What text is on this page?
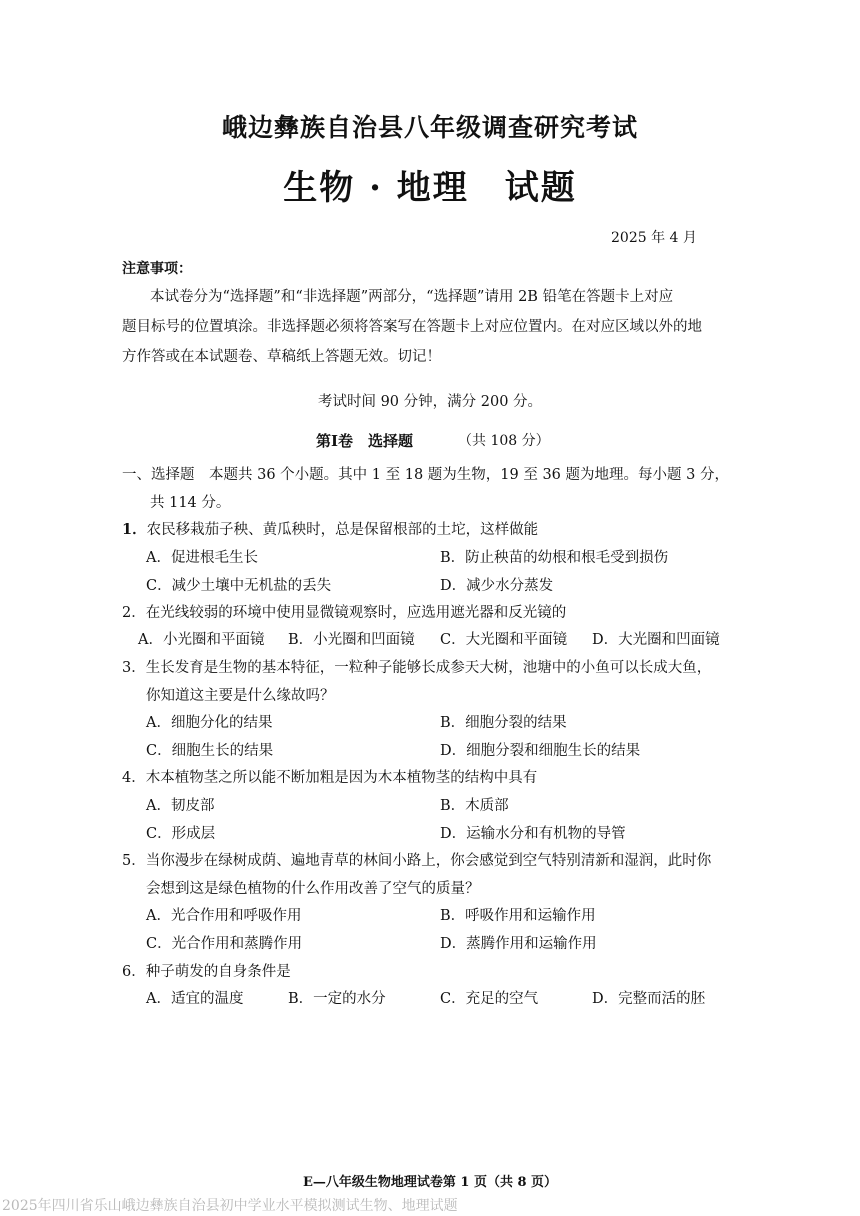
峨边彝族自治县八年级调查研究考试
生物 · 地理　试题
2025 年 4 月
注意事项：
本试卷分为“选择题”和“非选择题”两部分，“选择题”请用 2B 铅笔在答题卡上对应
题目标号的位置填涂。非选择题必须将答案写在答题卡上对应位置内。在对应区域以外的地
方作答或在本试题卷、草稿纸上答题无效。切记！
考试时间 90 分钟，满分 200 分。
第Ⅰ卷　选择题	（共 108 分）
一、选择题　本题共 36 个小题。其中 1 至 18 题为生物，19 至 36 题为地理。每小题 3 分，
共 114 分。
1．农民移栽茄子秧、黄瓜秧时，总是保留根部的土坨，这样做能
A．促进根毛生长	B．防止秧苗的幼根和根毛受到损伤
C．减少土壤中无机盐的丢失	D．减少水分蒸发
2．在光线较弱的环境中使用显微镜观察时，应选用遮光器和反光镜的
A．小光圈和平面镜 B．小光圈和凹面镜 C．大光圈和平面镜 D．大光圈和凹面镜
3．生长发育是生物的基本特征，一粒种子能够长成参天大树，池塘中的小鱼可以长成大鱼，
你知道这主要是什么缘故吗？
A．细胞分化的结果	B．细胞分裂的结果
C．细胞生长的结果	D．细胞分裂和细胞生长的结果
4．木本植物茎之所以能不断加粗是因为木本植物茎的结构中具有
A．韧皮部	B．木质部
C．形成层	D．运输水分和有机物的导管
5．当你漫步在绿树成荫、遍地青草的林间小路上，你会感觉到空气特别清新和湿润，此时你
会想到这是绿色植物的什么作用改善了空气的质量？
A．光合作用和呼吸作用	B．呼吸作用和运输作用
C．光合作用和蒸腾作用	D．蒸腾作用和运输作用
6．种子萌发的自身条件是
A．适宜的温度	B．一定的水分	C．充足的空气	D．完整而活的胚
E—八年级生物地理试卷第 1 页（共 8 页）
2025年四川省乐山峨边彝族自治县初中学业水平模拟测试生物、地理试题
